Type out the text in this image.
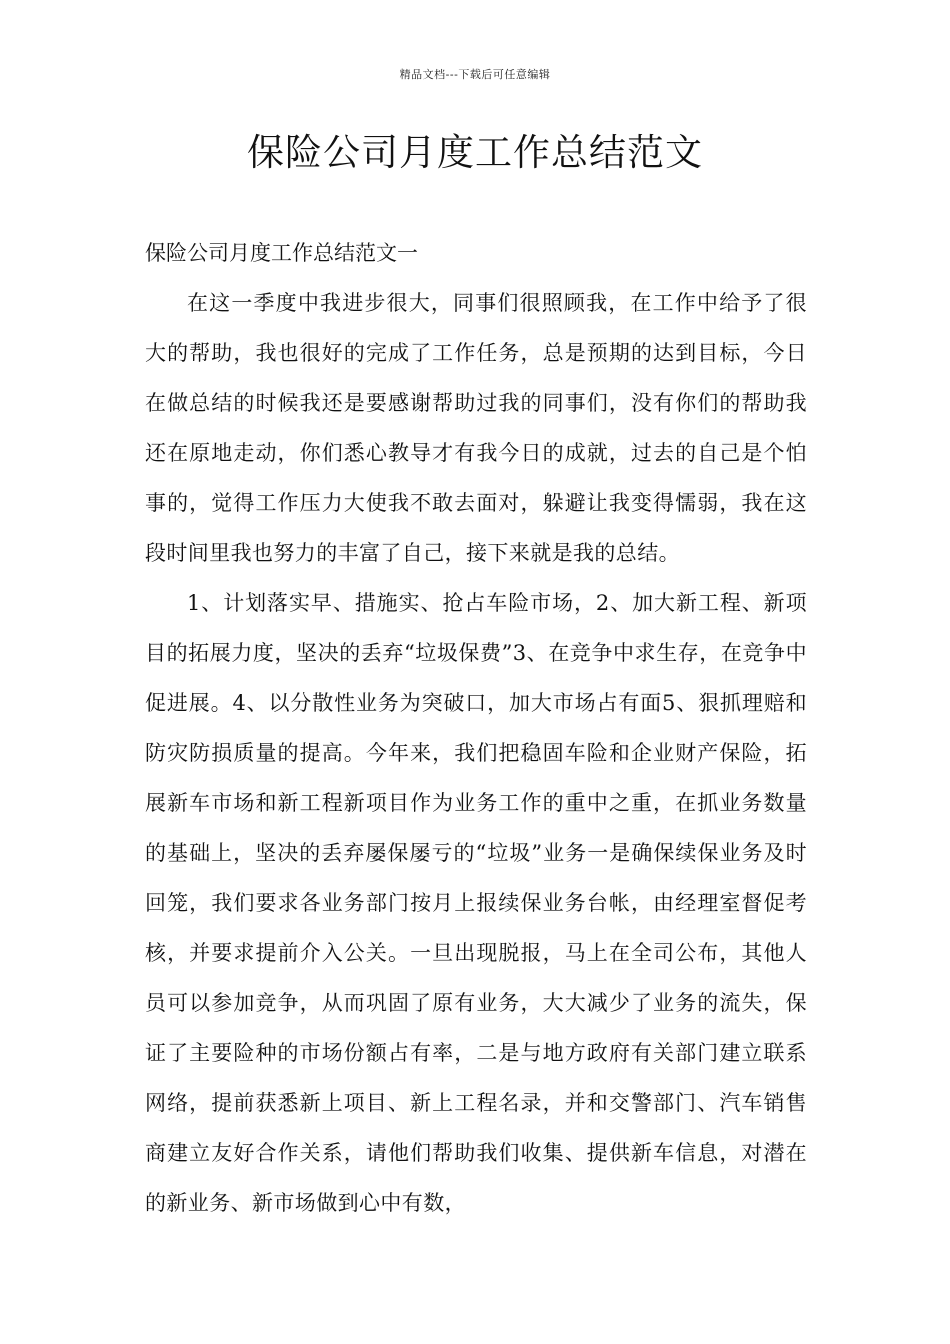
精品文档---下载后可任意编辑
保险公司月度工作总结范文

保险公司月度工作总结范文一

在这一季度中我进步很大，同事们很照顾我，在工作中给予了很大的帮助，我也很好的完成了工作任务，总是预期的达到目标，今日在做总结的时候我还是要感谢帮助过我的同事们，没有你们的帮助我还在原地走动，你们悉心教导才有我今日的成就，过去的自己是个怕事的，觉得工作压力大使我不敢去面对，躲避让我变得懦弱，我在这段时间里我也努力的丰富了自己，接下来就是我的总结。

1、计划落实早、措施实、抢占车险市场，2、加大新工程、新项目的拓展力度，坚决的丢弃“垃圾保费”3、在竞争中求生存，在竞争中促进展。4、以分散性业务为突破口，加大市场占有面5、狠抓理赔和防灾防损质量的提高。今年来，我们把稳固车险和企业财产保险，拓展新车市场和新工程新项目作为业务工作的重中之重，在抓业务数量的基础上，坚决的丢弃屡保屡亏的“垃圾”业务一是确保续保业务及时回笼，我们要求各业务部门按月上报续保业务台帐，由经理室督促考核，并要求提前介入公关。一旦出现脱报，马上在全司公布，其他人员可以参加竞争，从而巩固了原有业务，大大减少了业务的流失，保证了主要险种的市场份额占有率，二是与地方政府有关部门建立联系网络，提前获悉新上项目、新上工程名录，并和交警部门、汽车销售商建立友好合作关系，请他们帮助我们收集、提供新车信息，对潜在的新业务、新市场做到心中有数，
